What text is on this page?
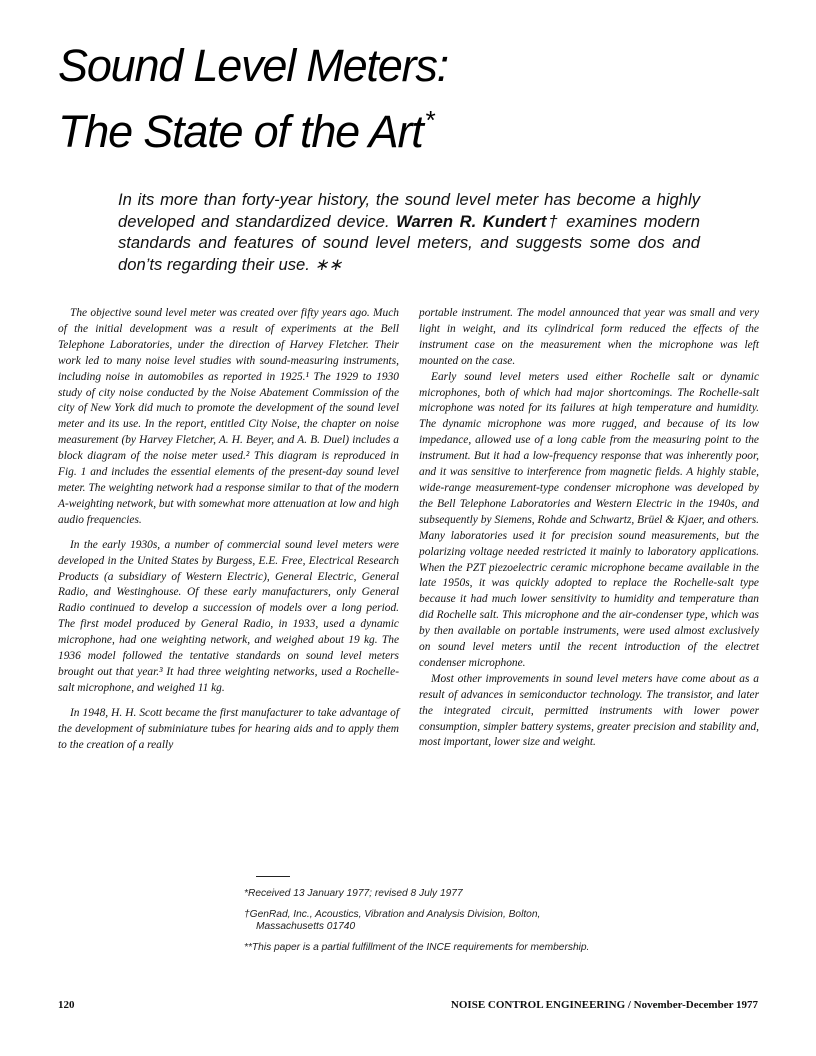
Sound Level Meters:
The State of the Art*

In its more than forty-year history, the sound level meter has become a highly developed and standardized device. Warren R. Kundert† examines modern standards and features of sound level meters, and suggests some dos and don’ts regarding their use. ∗∗

The objective sound level meter was created over fifty years ago. Much of the initial development was a result of experiments at the Bell Telephone Laboratories, under the direction of Harvey Fletcher. Their work led to many noise level studies with sound-measuring instruments, including noise in automobiles as reported in 1925.¹ The 1929 to 1930 study of city noise conducted by the Noise Abatement Commission of the city of New York did much to promote the development of the sound level meter and its use. In the report, entitled City Noise, the chapter on noise measurement (by Harvey Fletcher, A. H. Beyer, and A. B. Duel) includes a block diagram of the noise meter used.² This diagram is reproduced in Fig. 1 and includes the essential elements of the present-day sound level meter. The weighting network had a response similar to that of the modern A-weighting network, but with somewhat more attenuation at low and high audio frequencies.

In the early 1930s, a number of commercial sound level meters were developed in the United States by Burgess, E.E. Free, Electrical Research Products (a subsidiary of Western Electric), General Electric, General Radio, and Westinghouse. Of these early manufacturers, only General Radio continued to develop a succession of models over a long period. The first model produced by General Radio, in 1933, used a dynamic microphone, had one weighting network, and weighed about 19 kg. The 1936 model followed the tentative standards on sound level meters brought out that year.³ It had three weighting networks, used a Rochelle-salt microphone, and weighed 11 kg.

In 1948, H. H. Scott became the first manufacturer to take advantage of the development of subminiature tubes for hearing aids and to apply them to the creation of a really

portable instrument. The model announced that year was small and very light in weight, and its cylindrical form reduced the effects of the instrument case on the measurement when the microphone was left mounted on the case.

Early sound level meters used either Rochelle salt or dynamic microphones, both of which had major shortcomings. The Rochelle-salt microphone was noted for its failures at high temperature and humidity. The dynamic microphone was more rugged, and because of its low impedance, allowed use of a long cable from the measuring point to the instrument. But it had a low-frequency response that was inherently poor, and it was sensitive to interference from magnetic fields. A highly stable, wide-range measurement-type condenser microphone was developed by the Bell Telephone Laboratories and Western Electric in the 1940s, and subsequently by Siemens, Rohde and Schwartz, Brüel & Kjaer, and others. Many laboratories used it for precision sound measurements, but the polarizing voltage needed restricted it mainly to laboratory applications. When the PZT piezoelectric ceramic microphone became available in the late 1950s, it was quickly adopted to replace the Rochelle-salt type because it had much lower sensitivity to humidity and temperature than did Rochelle salt. This microphone and the air-condenser type, which was by then available on portable instruments, were used almost exclusively on sound level meters until the recent introduction of the electret condenser microphone.

Most other improvements in sound level meters have come about as a result of advances in semiconductor technology. The transistor, and later the integrated circuit, permitted instruments with lower power consumption, simpler battery systems, greater precision and stability and, most important, lower size and weight.

*Received 13 January 1977; revised 8 July 1977

†GenRad, Inc., Acoustics, Vibration and Analysis Division, Bolton, Massachusetts 01740

**This paper is a partial fulfillment of the INCE requirements for membership.

120	NOISE CONTROL ENGINEERING / November-December 1977
